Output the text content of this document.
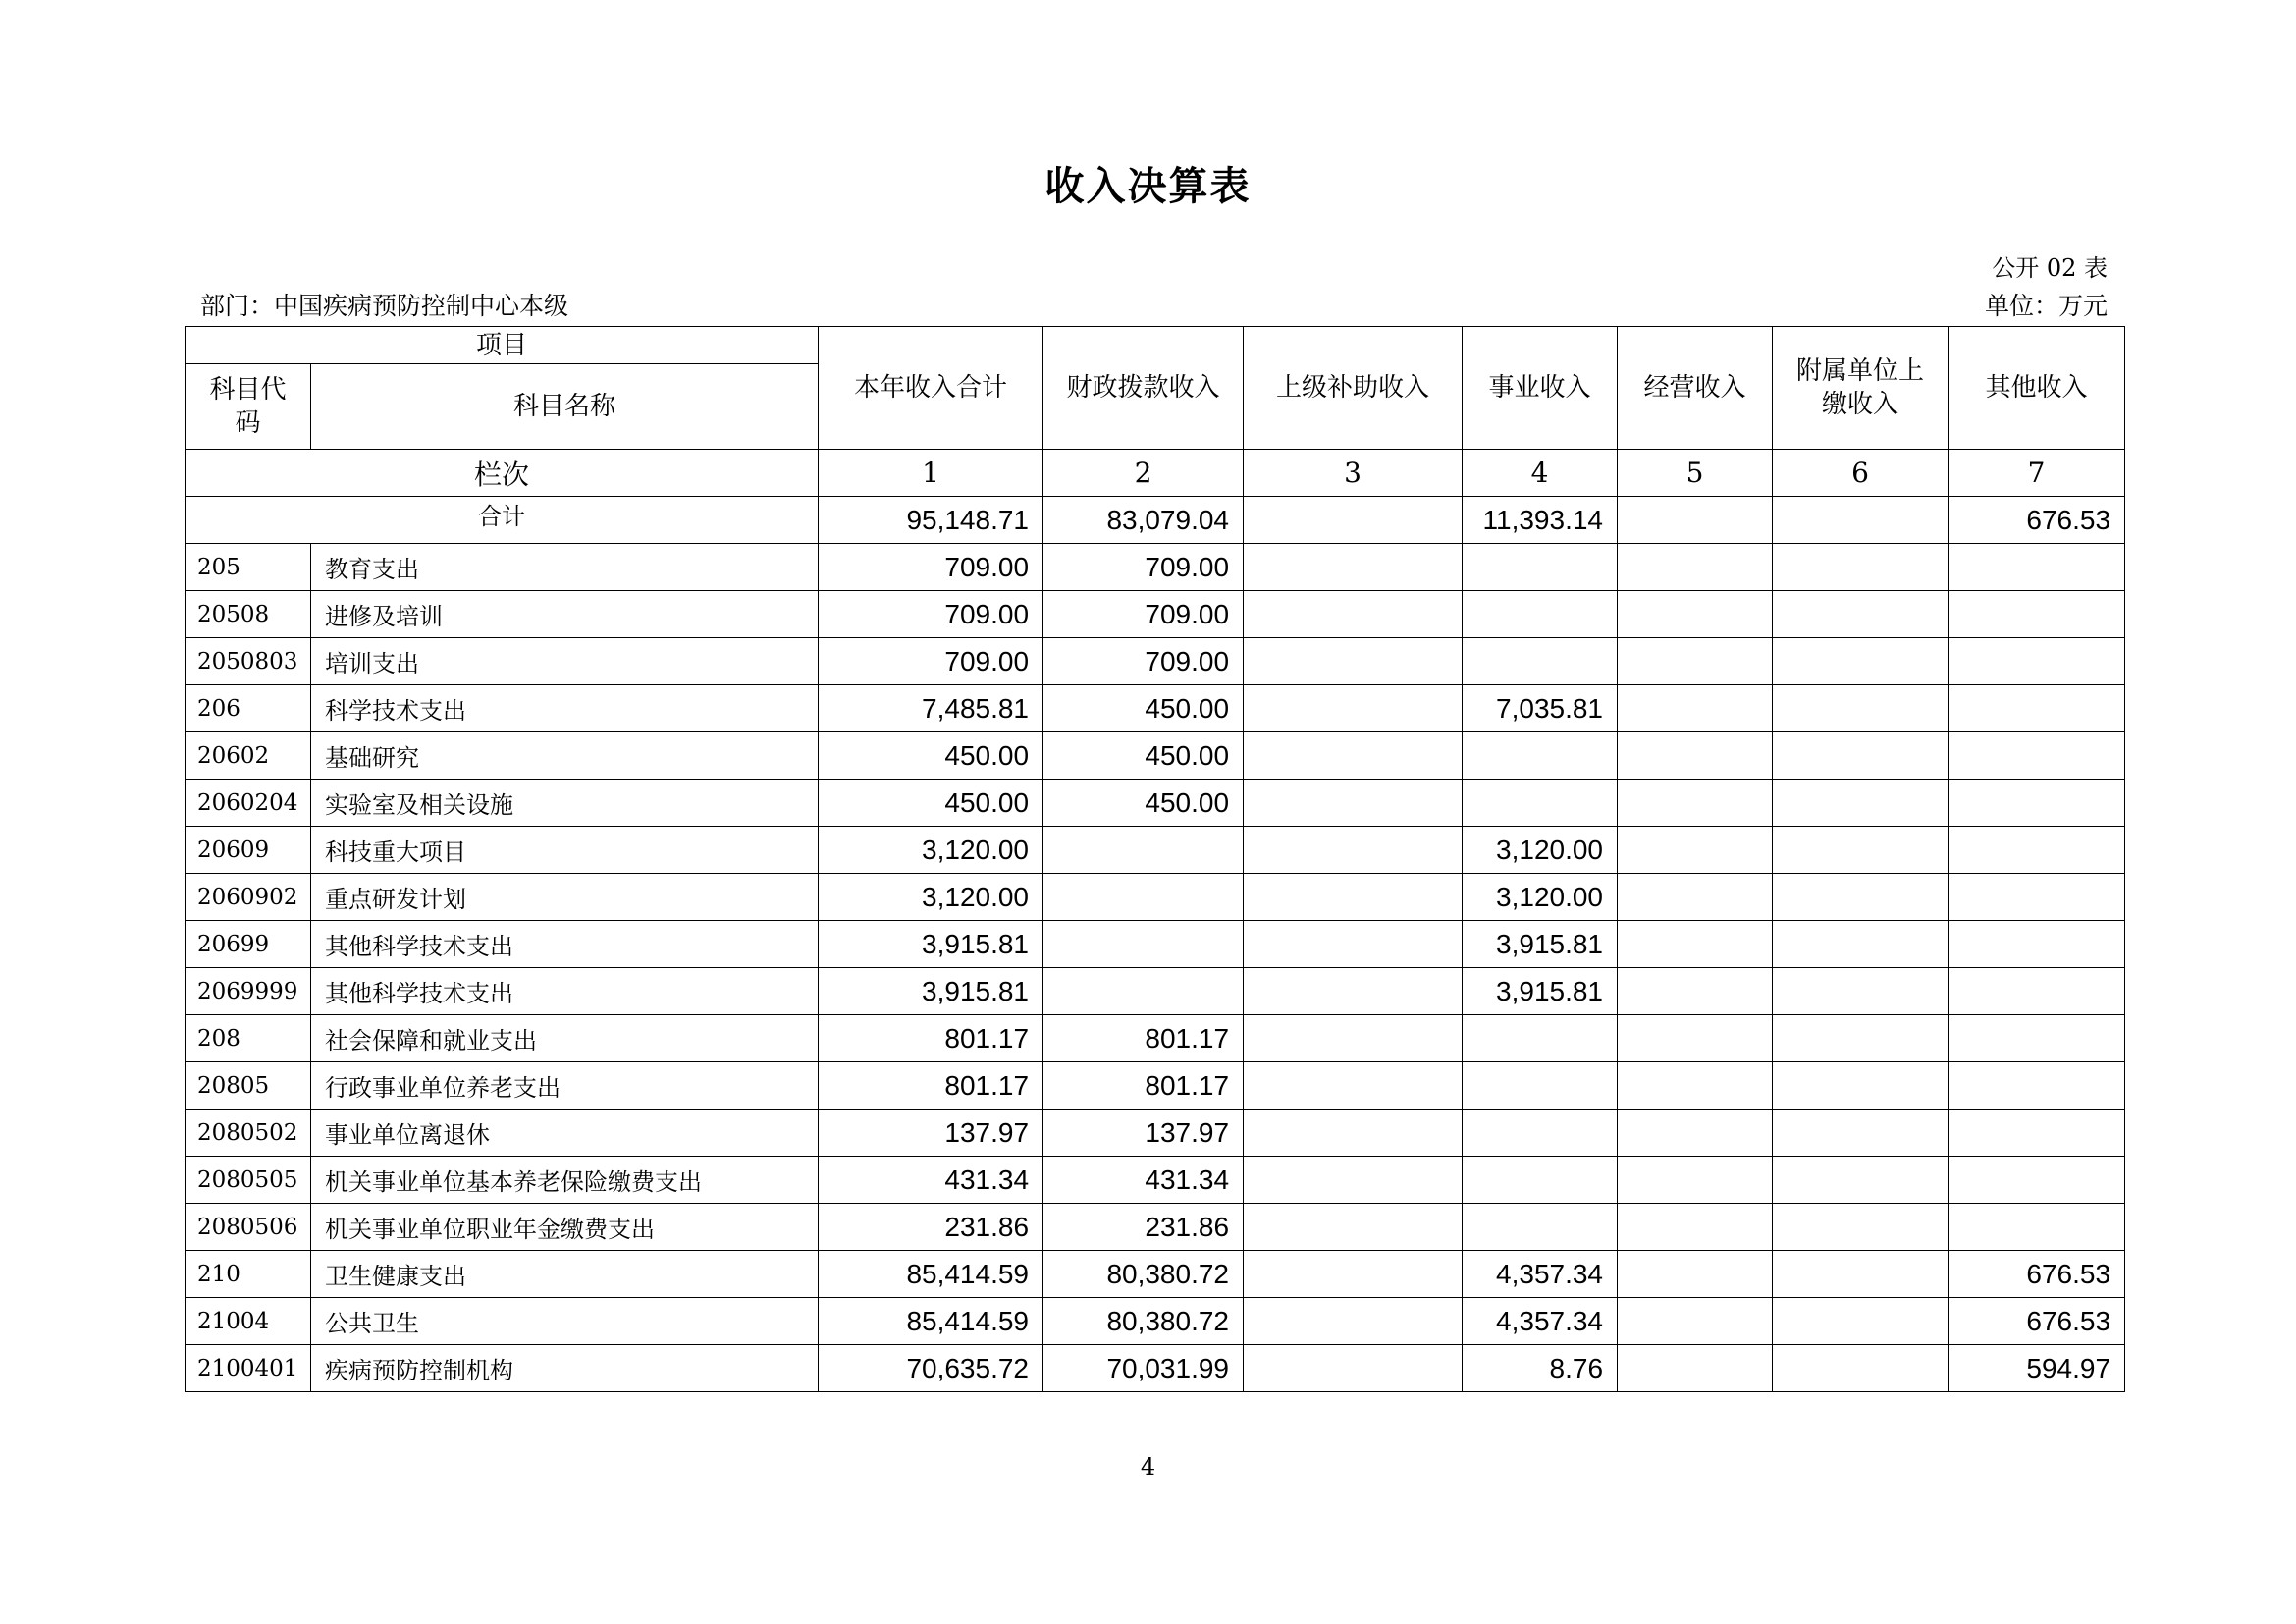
收入决算表
公开 02 表
部门：中国疾病预防控制中心本级	单位：万元
项目		本年收入合计	财政拨款收入	上级补助收入	事业收入	经营收入	附属单位上缴收入	其他收入
科目代码	科目名称							
栏次		1	2	3	4	5	6	7
合计		95,148.71	83,079.04		11,393.14			676.53
205	教育支出	709.00	709.00					
20508	进修及培训	709.00	709.00					
2050803	培训支出	709.00	709.00					
206	科学技术支出	7,485.81	450.00		7,035.81			
20602	基础研究	450.00	450.00					
2060204	实验室及相关设施	450.00	450.00					
20609	科技重大项目	3,120.00			3,120.00			
2060902	重点研发计划	3,120.00			3,120.00			
20699	其他科学技术支出	3,915.81			3,915.81			
2069999	其他科学技术支出	3,915.81			3,915.81			
208	社会保障和就业支出	801.17	801.17					
20805	行政事业单位养老支出	801.17	801.17					
2080502	事业单位离退休	137.97	137.97					
2080505	机关事业单位基本养老保险缴费支出	431.34	431.34					
2080506	机关事业单位职业年金缴费支出	231.86	231.86					
210	卫生健康支出	85,414.59	80,380.72		4,357.34			676.53
21004	公共卫生	85,414.59	80,380.72		4,357.34			676.53
2100401	疾病预防控制机构	70,635.72	70,031.99		8.76			594.97
4
